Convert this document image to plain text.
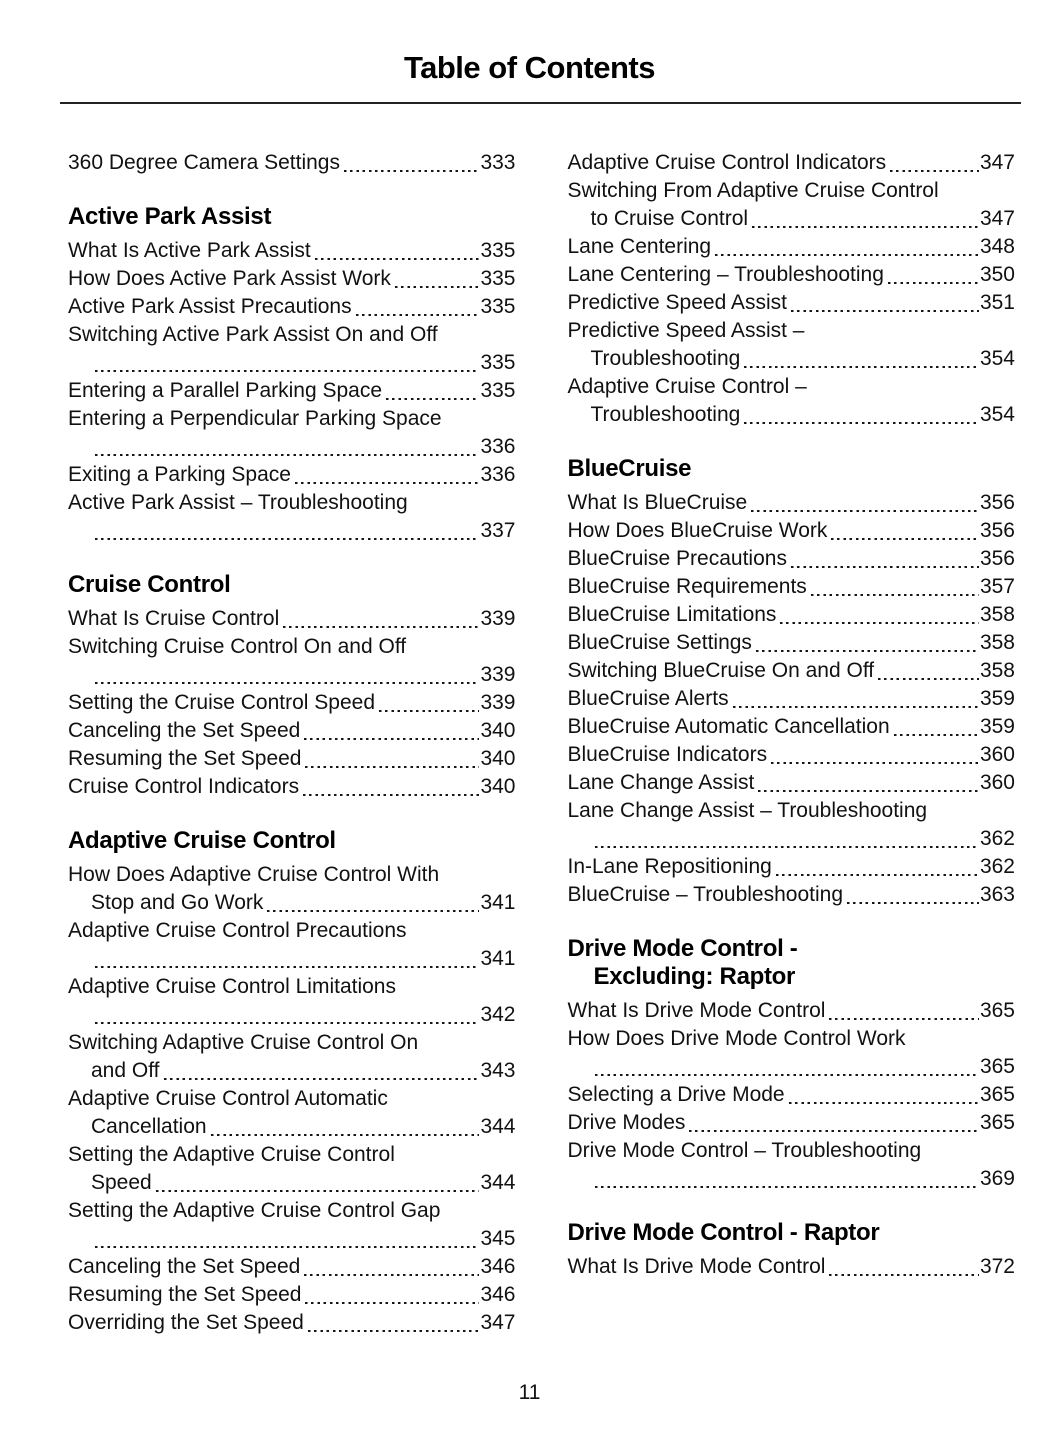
Table of Contents
360 Degree Camera Settings	333
Active Park Assist
What Is Active Park Assist	335
How Does Active Park Assist Work	335
Active Park Assist Precautions	335
Switching Active Park Assist On and Off
335
Entering a Parallel Parking Space	335
Entering a Perpendicular Parking Space
336
Exiting a Parking Space	336
Active Park Assist – Troubleshooting
337
Cruise Control
What Is Cruise Control	339
Switching Cruise Control On and Off
339
Setting the Cruise Control Speed	339
Canceling the Set Speed	340
Resuming the Set Speed	340
Cruise Control Indicators	340
Adaptive Cruise Control
How Does Adaptive Cruise Control With
Stop and Go Work	341
Adaptive Cruise Control Precautions
341
Adaptive Cruise Control Limitations
342
Switching Adaptive Cruise Control On
and Off	343
Adaptive Cruise Control Automatic
Cancellation	344
Setting the Adaptive Cruise Control
Speed	344
Setting the Adaptive Cruise Control Gap
345
Canceling the Set Speed	346
Resuming the Set Speed	346
Overriding the Set Speed	347
Adaptive Cruise Control Indicators	347
Switching From Adaptive Cruise Control
to Cruise Control	347
Lane Centering	348
Lane Centering – Troubleshooting	350
Predictive Speed Assist	351
Predictive Speed Assist –
Troubleshooting	354
Adaptive Cruise Control –
Troubleshooting	354
BlueCruise
What Is BlueCruise	356
How Does BlueCruise Work	356
BlueCruise Precautions	356
BlueCruise Requirements	357
BlueCruise Limitations	358
BlueCruise Settings	358
Switching BlueCruise On and Off	358
BlueCruise Alerts	359
BlueCruise Automatic Cancellation	359
BlueCruise Indicators	360
Lane Change Assist	360
Lane Change Assist – Troubleshooting
362
In-Lane Repositioning	362
BlueCruise – Troubleshooting	363
Drive Mode Control -
Excluding: Raptor
What Is Drive Mode Control	365
How Does Drive Mode Control Work
365
Selecting a Drive Mode	365
Drive Modes	365
Drive Mode Control – Troubleshooting
369
Drive Mode Control - Raptor
What Is Drive Mode Control	372
11
